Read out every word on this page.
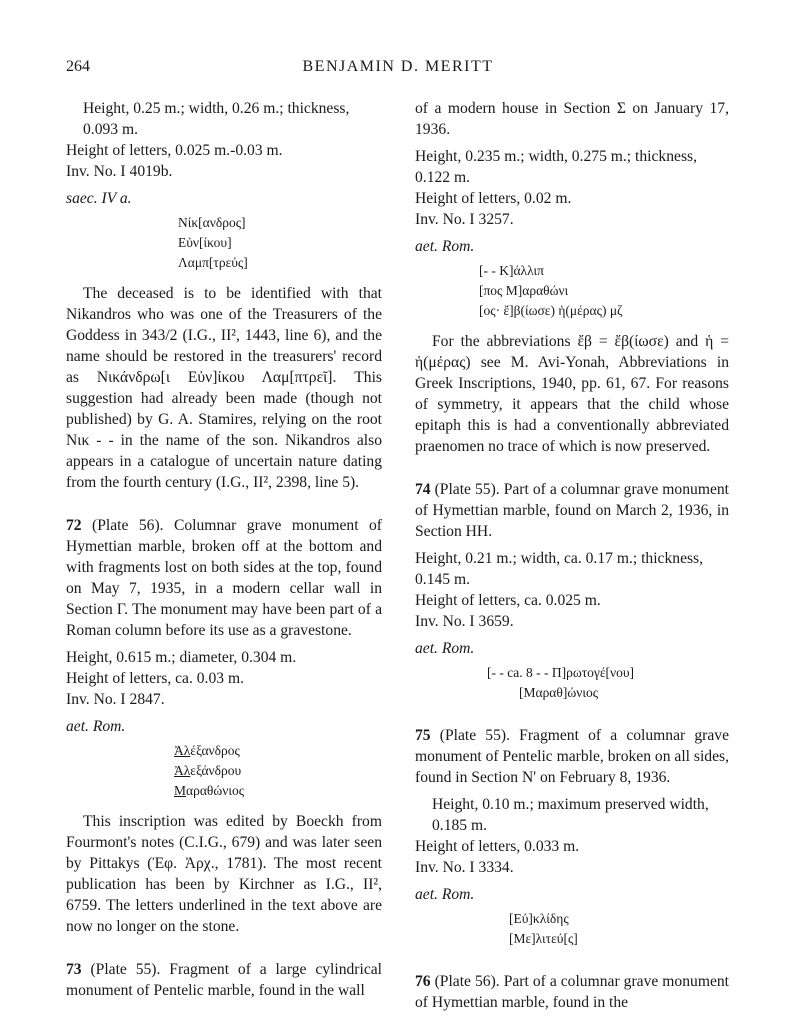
264	BENJAMIN D. MERITT

Height, 0.25 m.; width, 0.26 m.; thickness, 0.093 m.

Height of letters, 0.025 m.-0.03 m.

Inv. No. I 4019b.

saec. IV a.

Νίκ[ανδρος]
Εὐν[ίκου]
Λαμπ[τρεύς]

The deceased is to be identified with that Nikandros who was one of the Treasurers of the Goddess in 343/2 (I.G., II², 1443, line 6), and the name should be restored in the treasurers' record as Νικάνδρω[ι Εὐν]ίκου Λαμ[πτρεῖ]. This suggestion had already been made (though not published) by G. A. Stamires, relying on the root Νικ - - in the name of the son. Nikandros also appears in a catalogue of uncertain nature dating from the fourth century (I.G., II², 2398, line 5).

72 (Plate 56). Columnar grave monument of Hymettian marble, broken off at the bottom and with fragments lost on both sides at the top, found on May 7, 1935, in a modern cellar wall in Section Γ. The monument may have been part of a Roman column before its use as a gravestone.

Height, 0.615 m.; diameter, 0.304 m.

Height of letters, ca. 0.03 m.

Inv. No. I 2847.

aet. Rom.

Ἀλέξανδρος
Ἀλεξάνδρου
Μαραθώνιος

This inscription was edited by Boeckh from Fourmont's notes (C.I.G., 679) and was later seen by Pittakys (Ἐφ. Ἀρχ., 1781). The most recent publication has been by Kirchner as I.G., II², 6759. The letters underlined in the text above are now no longer on the stone.

73 (Plate 55). Fragment of a large cylindrical monument of Pentelic marble, found in the wall

of a modern house in Section Σ on January 17, 1936.

Height, 0.235 m.; width, 0.275 m.; thickness, 0.122 m.

Height of letters, 0.02 m.

Inv. No. I 3257.

aet. Rom.

[- - Κ]άλλιπ
[πος Μ]αραθώνι
[ος· ἔ]β(ίωσε) ἡ(μέρας) μζ

For the abbreviations ἔβ = ἔβ(ίωσε) and ἡ = ἡ(μέρας) see M. Avi-Yonah, Abbreviations in Greek Inscriptions, 1940, pp. 61, 67. For reasons of symmetry, it appears that the child whose epitaph this is had a conventionally abbreviated praenomen no trace of which is now preserved.

74 (Plate 55). Part of a columnar grave monument of Hymettian marble, found on March 2, 1936, in Section ΗΗ.

Height, 0.21 m.; width, ca. 0.17 m.; thickness, 0.145 m.

Height of letters, ca. 0.025 m.

Inv. No. I 3659.

aet. Rom.

[- - ca. 8 - - Π]ρωτογέ[νου]
[Μαραθ]ώνιος

75 (Plate 55). Fragment of a columnar grave monument of Pentelic marble, broken on all sides, found in Section Ν' on February 8, 1936.

Height, 0.10 m.; maximum preserved width, 0.185 m.

Height of letters, 0.033 m.

Inv. No. I 3334.

aet. Rom.

[Εὐ]κλίδης
[Με]λιτεύ[ς]

76 (Plate 56). Part of a columnar grave monument of Hymettian marble, found in the
